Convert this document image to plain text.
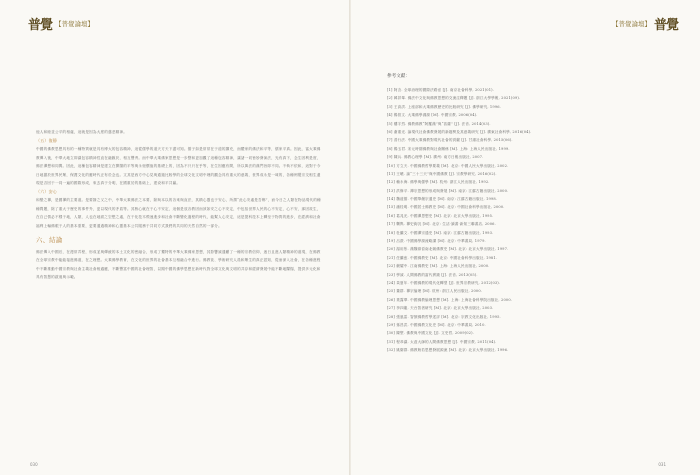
普覺 【普覺論壇】

他人和睦並公平的相處，這就是因為大度的慈悲精神。

（五）復靜

中國的佛教思想具有的一種特質就是具有博大的包容精神，這從儒學的道天方天下盡可知。儒子如是常常在于道的擴充，而體家的佛法和平等，儒家平真。因此，當大乘佛教傳入後，中華大地立即讓包容精神性直在融匯於，相互豐秀。而中華大乘佛家思想是一步整和更加觀了這種包容精神，讓諸一切皆妙發演法，光有真下，念生因利是度，佛法禪想和同間。因此，這種包容精神是建立在開闊的平等與永恆價值的基礎上的，因為不只只在乎等，在生因應有間，所以萬法的漢門旨即不同。不執不依和，這對于今日地激於世界民眾，保護文化的應時代正有於念也。文其是西方中心見與通過比較學的全球文化文明中理的觀念具有重大的意義，世界成永是一味的，各種例製宗交相生還現是否回于一同一遍的國際形成，來去真于分明，在國重於的基础上，建设和平共赢。

（六）安心

和變之禪，是國禪的主要道。是要靜之又之中，中華大乘佛法之本要，除與本以的各來與直法，其精心靈也于安心，所謂“此心安處是吾鄉”，而今日之人類在物品現代的種種問題，除了重大于歷史的事件外，更以現代的矛盾等。其核心就在于心不安定，這個是放各教因而該如安之心不安定，中包括世界人民的心不安定，心不安，那因故生，在自己情必不穩于地，人類，人也在地面之空想之處，在于化技木飛速進步和社會不斷變化過程的時代，能幫人心安定，這是提科技木上轉至于物質的進步，在經濟和社會福利上輸佛眼于人的基本需要，更要通過精神和心靈基本公共服務于共同方式我們的共同的天然自然的一部分。

六、結論

佛法傳入中國后，在漫常弄程，形成並與傳統的本土文化的密融合，形成了獨特的中華大乘佛家思想，其影響誠通顯了一種的宗教信仰，逐日且進人類精神的道現，在佛教在全球宗教中能能接進佛道，在之理想。大乘佛學教育，在文化的世界的社會基本互相融合中進行。佛教徒、學術研究人員和眾生的真正認知，從而深入社會，在各種進程中不斷推動中國宗教與社會主義社會相適應，不斷豐富中國的社會理智，以期中國的佛學思想在新時代對全球文化與文明的共存和經濟發展中能不斷地闡揚，提供多元化和具有智慧的啟迪與示範。

030
【普覺論壇】 普覺
參考文獻：
[1] 阿含. 全球治理的國際法路徑 [J]. 南京社會科學, 2021(01).
[2] 韓昇峯. 佛法中文化與佛教思想的交流注釋題 [J]. 浙江大學學報, 2021(09).
[3] 王高洪. 上座部和大乘佛教歷史的比較研究 [J]. 佛學研究, 1996.
[4] 楊曾文. 大乘佛學淵源 [M]. 中國宗教, 2006(04).
[5] 樓宇烈. 佛教佛教“阿羅漢”與“菩薩” [J]. 法音, 2014(03).
[6] 谢重光. 論現代社會佛教發展的新趨勢及其意義研究 [J]. 廣東社會科學, 2016(04).
[7] 普行法. 中國大乘佛教對現代社會的貢獻 [J]. 甘肅社會科學, 2015(06).
[8] 楊玉君. 宋元時期佛教與社會關係 [M]. 上海: 上海人民出版社, 1999.
[9] 陳兵. 佛教心理學 [M]. 廣州: 南方日報出版社, 2007.
[10] 方立天. 中國佛教哲學要義 [M]. 北京: 中國人民大學出版社, 2002.
[11] 王曉. 論“三十三天”與中國佛教 [J]. 宗教學研究, 2016(02).
[12] 賴永海. 佛學與儒學 [M]. 杭州: 浙江人民出版社, 1992.
[13] 洪修平. 禪宗思想的形成與發展 [M]. 南京: 江蘇古籍出版社, 2000.
[14] 魏道儒. 中國華嚴宗通史 [M]. 南京: 江蘇古籍出版社, 1998.
[15] 潘桂明. 中國居士佛教史 [M]. 北京: 中國社會科學出版社, 2000.
[16] 葛兆光. 中國禪思想史 [M]. 北京: 北京大學出版社, 1995.
[17] 龔雋. 禪史鉤沉 [M]. 北京: 生活·讀書·新知三聯書店, 2006.
[18] 杜繼文. 中國禪宗通史 [M]. 南京: 江蘇古籍出版社, 1993.
[19] 呂澂. 中國佛學源流略講 [M]. 北京: 中華書局, 1979.
[20] 湯用彤. 漢魏兩晉南北朝佛教史 [M]. 北京: 北京大學出版社, 1997.
[21] 任繼愈. 中國佛教史 [M]. 北京: 中國社會科學出版社, 1981.
[22] 嚴耀中. 江南佛教史 [M]. 上海: 上海人民出版社, 2000.
[23] 學誠. 人間佛教的當代實踐 [J]. 法音, 2013(05).
[24] 黃夏年. 中國佛教的現代化轉型 [J]. 世界宗教研究, 2012(03).
[25] 董群. 禪宗倫理 [M]. 杭州: 浙江人民出版社, 2000.
[26] 業露華. 中國佛教倫理思想 [M]. 上海: 上海社會科學院出版社, 2000.
[27] 李四龍. 天台智者研究 [M]. 北京: 北京大學出版社, 2003.
[28] 張風雷. 智顗佛教哲學述評 [M]. 北京: 宗教文化出版社, 1995.
[29] 孫昌武. 中國佛教文化史 [M]. 北京: 中華書局, 2010.
[30] 陳堅. 佛教與中國文化 [J]. 文史哲, 2009(02).
[31] 程恭讓. 太虛大師的人間佛教思想 [J]. 中國宗教, 2011(04).
[32] 姚衛群. 佛教般若思想發展源流 [M]. 北京: 北京大學出版社, 1996.
031
